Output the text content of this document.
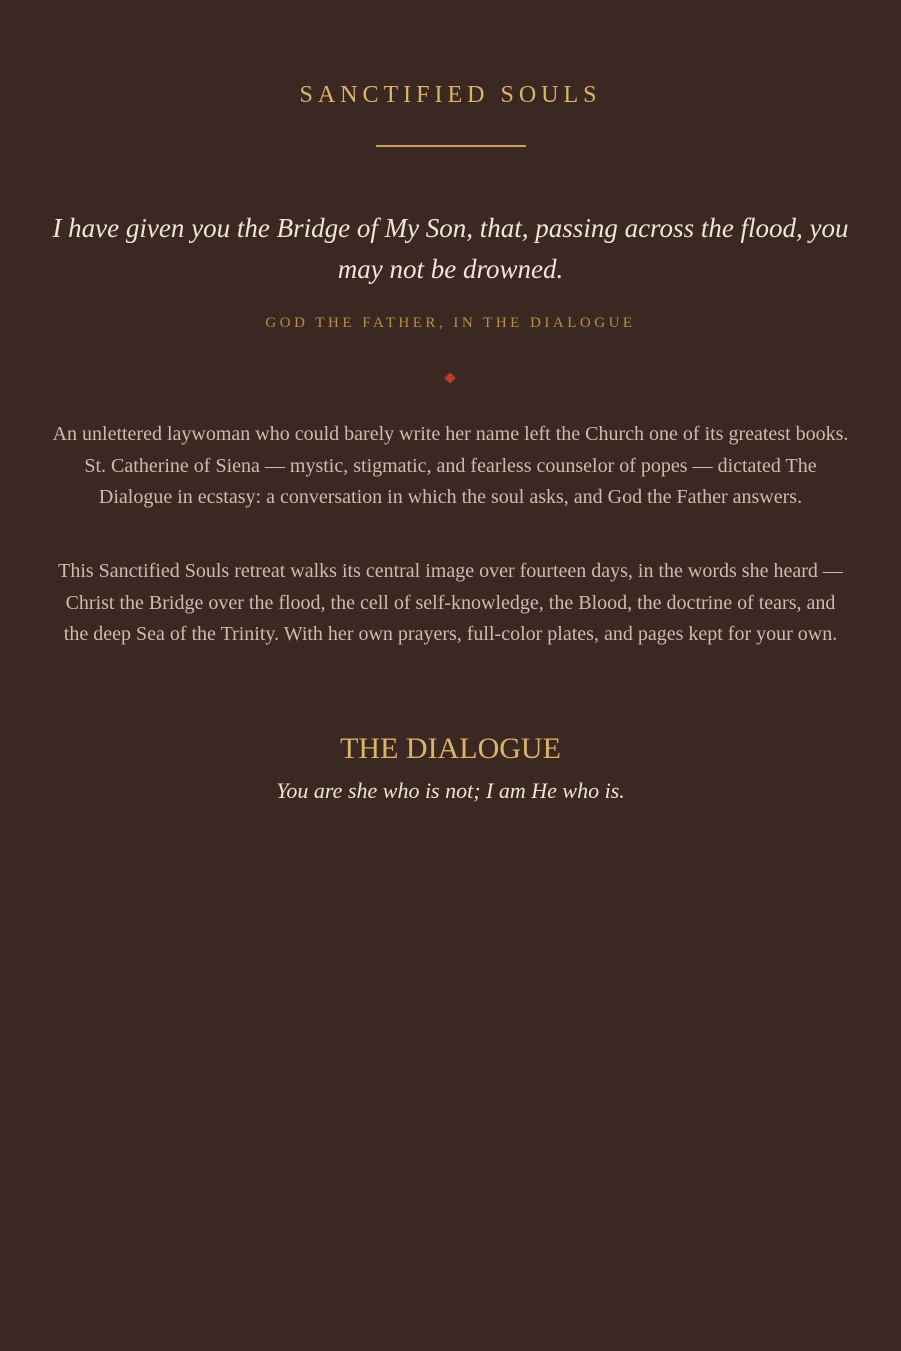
SANCTIFIED SOULS
I have given you the Bridge of My Son, that, passing across the flood, you may not be drowned.
GOD THE FATHER, IN THE DIALOGUE
An unlettered laywoman who could barely write her name left the Church one of its greatest books. St. Catherine of Siena — mystic, stigmatic, and fearless counselor of popes — dictated The Dialogue in ecstasy: a conversation in which the soul asks, and God the Father answers.
This Sanctified Souls retreat walks its central image over fourteen days, in the words she heard — Christ the Bridge over the flood, the cell of self-knowledge, the Blood, the doctrine of tears, and the deep Sea of the Trinity. With her own prayers, full-color plates, and pages kept for your own.
THE DIALOGUE
You are she who is not; I am He who is.
